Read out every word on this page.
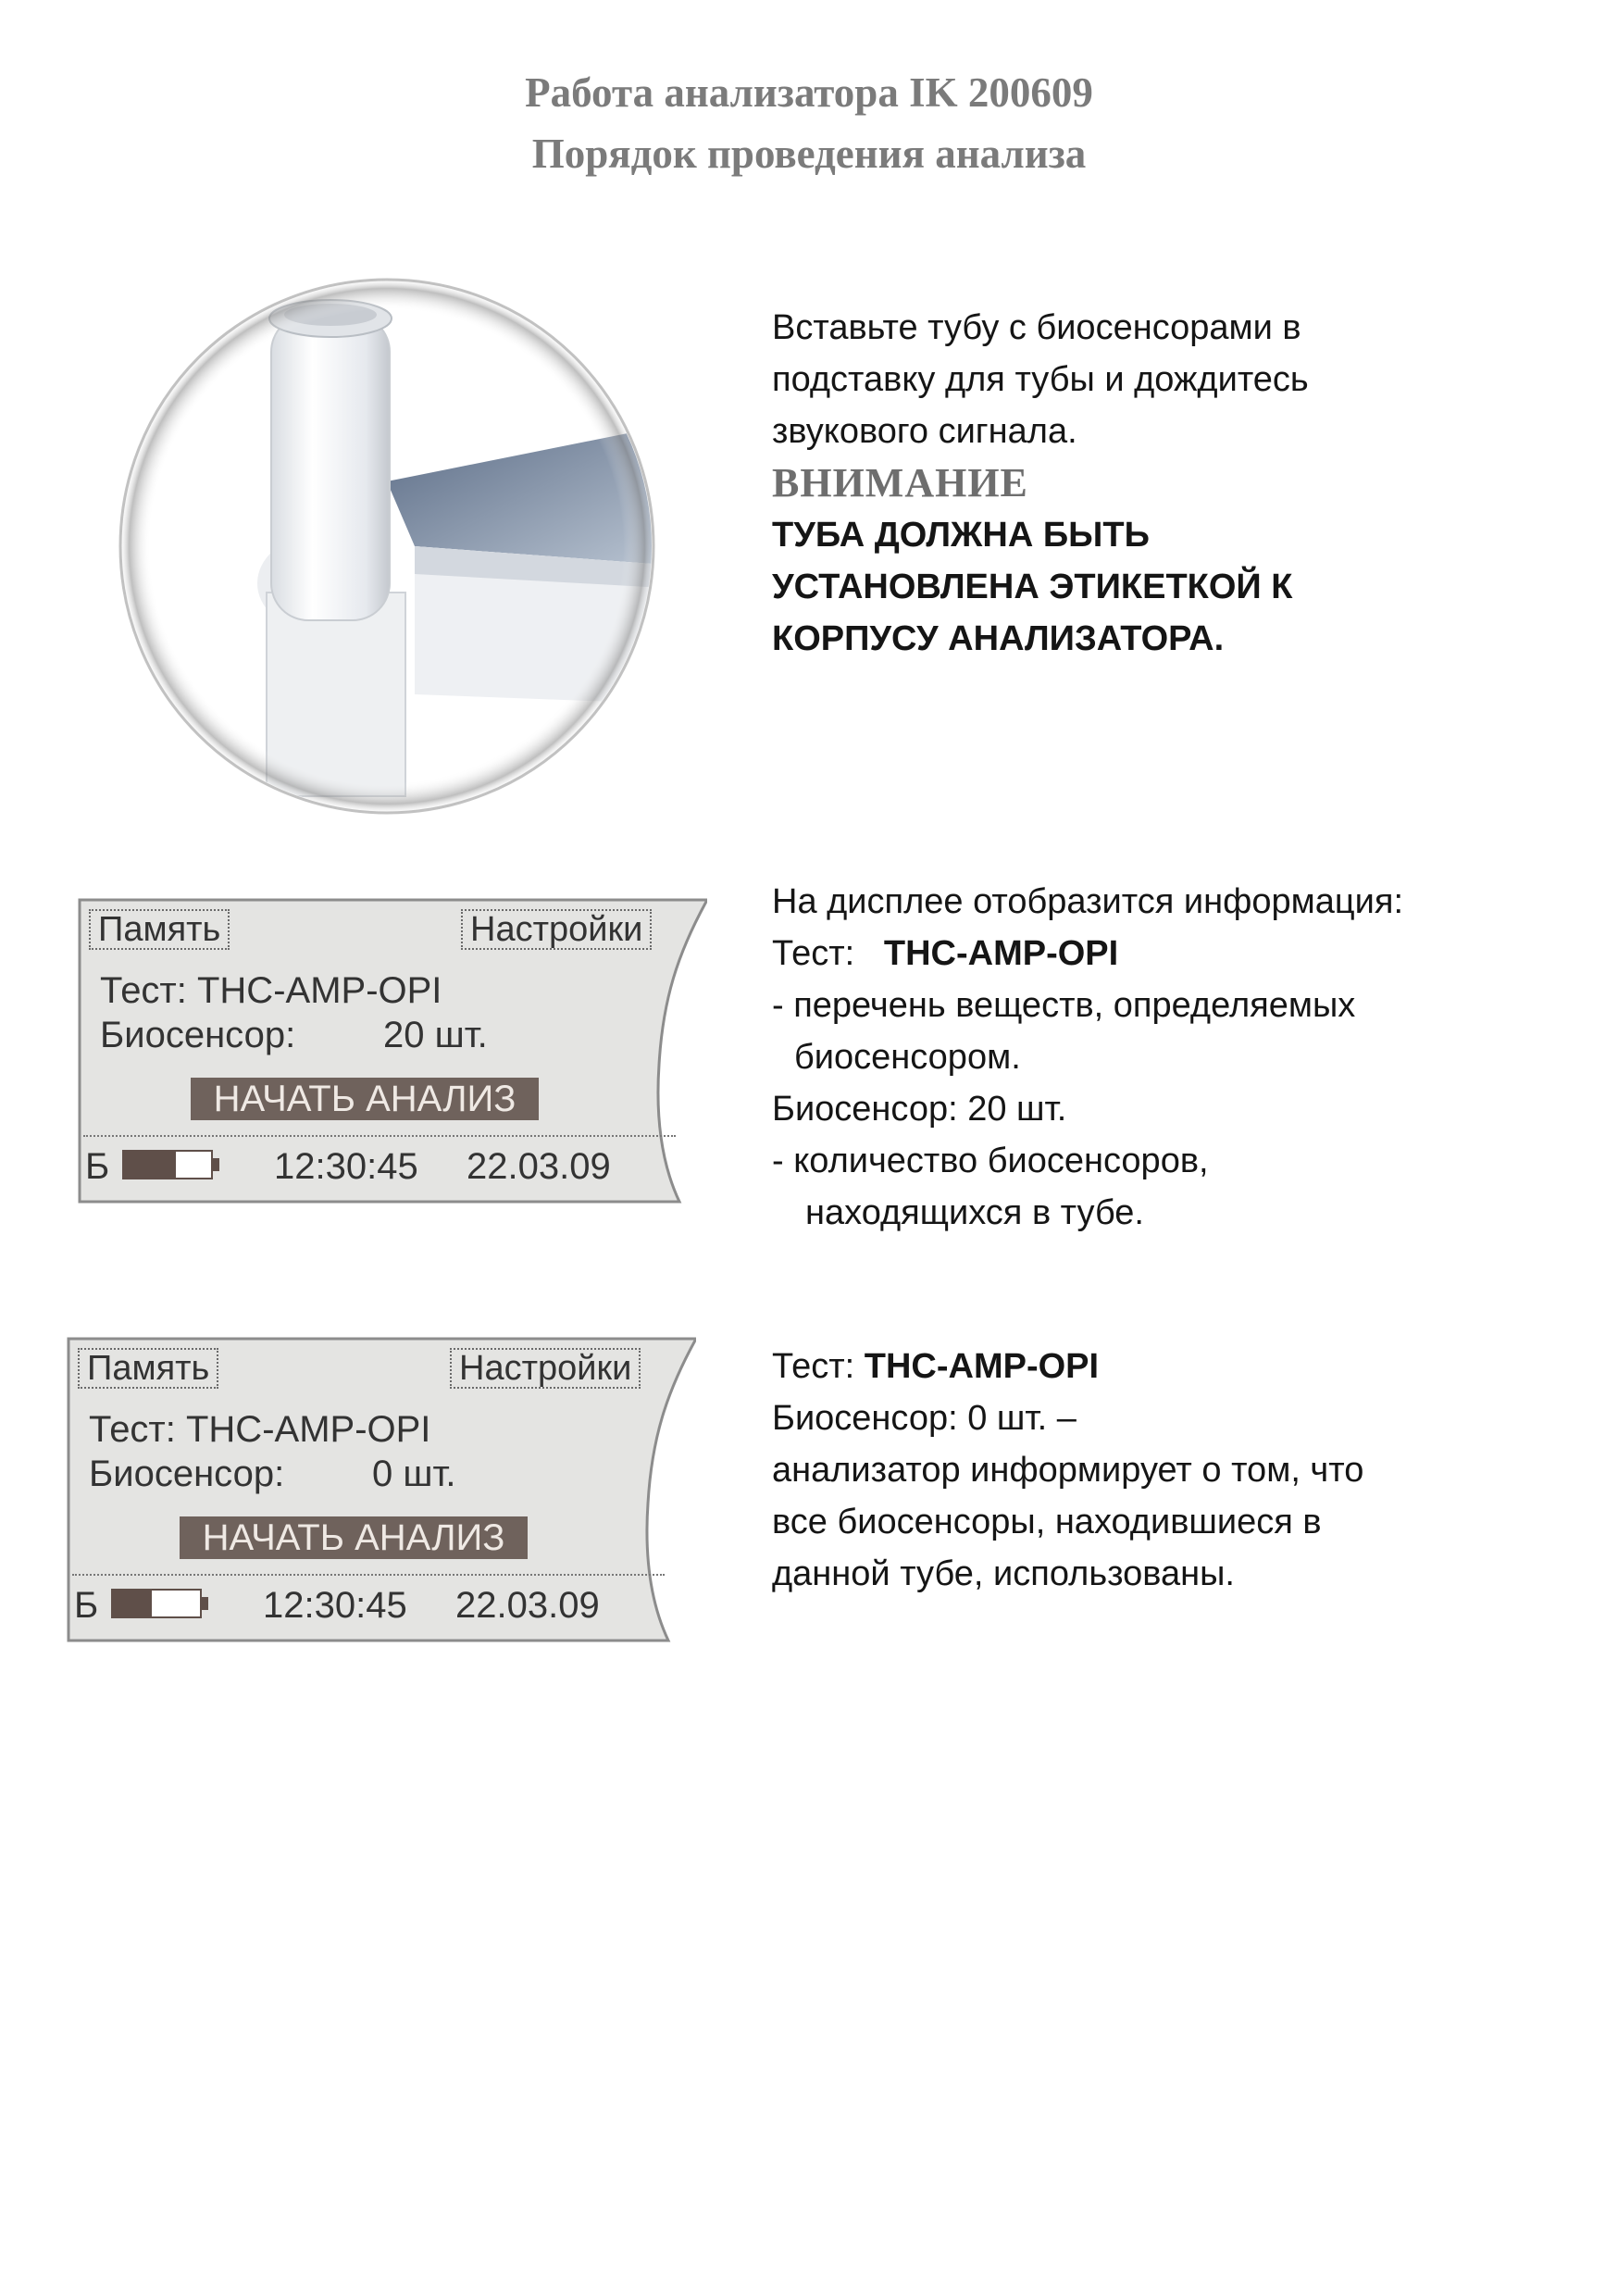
Работа анализатора IK 200609
Порядок проведения анализа
Вставьте тубу с биосенсорами в
подставку для тубы и дождитесь
звукового сигнала.
ВНИМАНИЕ
ТУБА ДОЛЖНА БЫТЬ
УСТАНОВЛЕНА ЭТИКЕТКОЙ К
КОРПУСУ АНАЛИЗАТОРА.
Память	Настройки
Тест: THC-AMP-OPI
Биосенсор: 20 шт.
НАЧАТЬ АНАЛИЗ
Б	12:30:45 22.03.09
На дисплее отобразится информация:
Тест: THC-AMP-OPI
- перечень веществ, определяемых
биосенсором.
Биосенсор: 20 шт.
- количество биосенсоров,
находящихся в тубе.
Память	Настройки
Тест: THC-AMP-OPI
Биосенсор: 0 шт.
НАЧАТЬ АНАЛИЗ
Б	12:30:45 22.03.09
Тест: THC-AMP-OPI
Биосенсор: 0 шт. –
анализатор информирует о том, что
все биосенсоры, находившиеся в
данной тубе, использованы.
